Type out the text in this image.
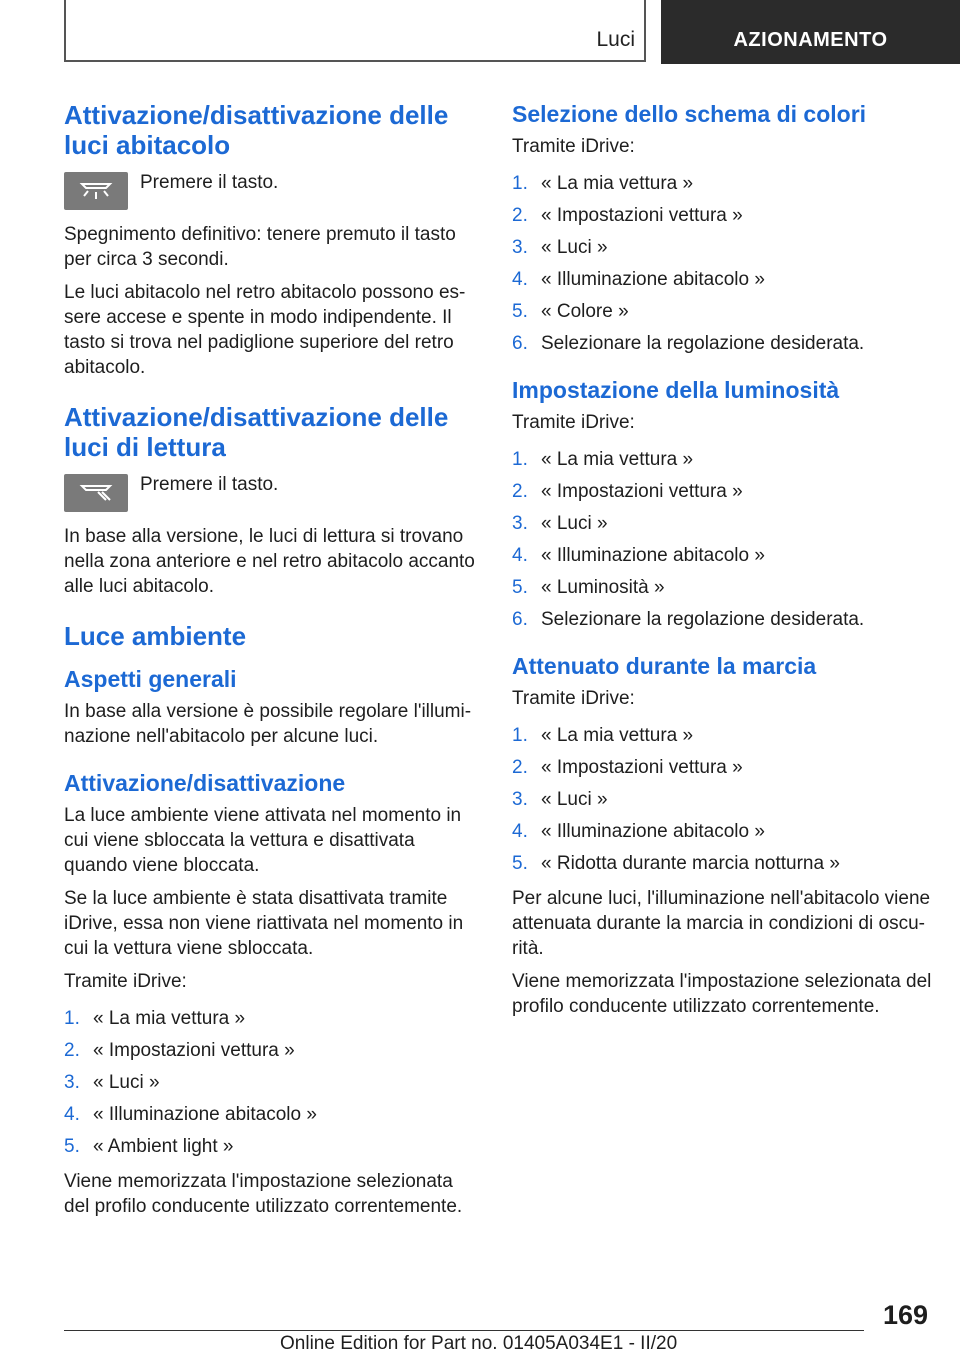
Luci	AZIONAMENTO
Attivazione/disattivazione delle luci abitacolo

Premere il tasto.

Spegnimento definitivo: tenere premuto il tasto per circa 3 secondi.

Le luci abitacolo nel retro abitacolo possono essere accese e spente in modo indipendente. Il tasto si trova nel padiglione superiore del retro abitacolo.

Attivazione/disattivazione delle luci di lettura

Premere il tasto.

In base alla versione, le luci di lettura si trovano nella zona anteriore e nel retro abitacolo accanto alle luci abitacolo.

Luce ambiente
Aspetti generali

In base alla versione è possibile regolare l'illuminazione nell'abitacolo per alcune luci.

Attivazione/disattivazione

La luce ambiente viene attivata nel momento in cui viene sbloccata la vettura e disattivata quando viene bloccata.

Se la luce ambiente è stata disattivata tramite iDrive, essa non viene riattivata nel momento in cui la vettura viene sbloccata.

Tramite iDrive:

1. « La mia vettura »
2. « Impostazioni vettura »
3. « Luci »
4. « Illuminazione abitacolo »
5. « Ambient light »

Viene memorizzata l'impostazione selezionata del profilo conducente utilizzato correntemente.

Selezione dello schema di colori

Tramite iDrive:

1. « La mia vettura »
2. « Impostazioni vettura »
3. « Luci »
4. « Illuminazione abitacolo »
5. « Colore »
6. Selezionare la regolazione desiderata.
Impostazione della luminosità

Tramite iDrive:

1. « La mia vettura »
2. « Impostazioni vettura »
3. « Luci »
4. « Illuminazione abitacolo »
5. « Luminosità »
6. Selezionare la regolazione desiderata.
Attenuato durante la marcia

Tramite iDrive:

1. « La mia vettura »
2. « Impostazioni vettura »
3. « Luci »
4. « Illuminazione abitacolo »
5. « Ridotta durante marcia notturna »

Per alcune luci, l'illuminazione nell'abitacolo viene attenuata durante la marcia in condizioni di oscurità.

Viene memorizzata l'impostazione selezionata del profilo conducente utilizzato correntemente.

169
Online Edition for Part no. 01405A034E1 - II/20
